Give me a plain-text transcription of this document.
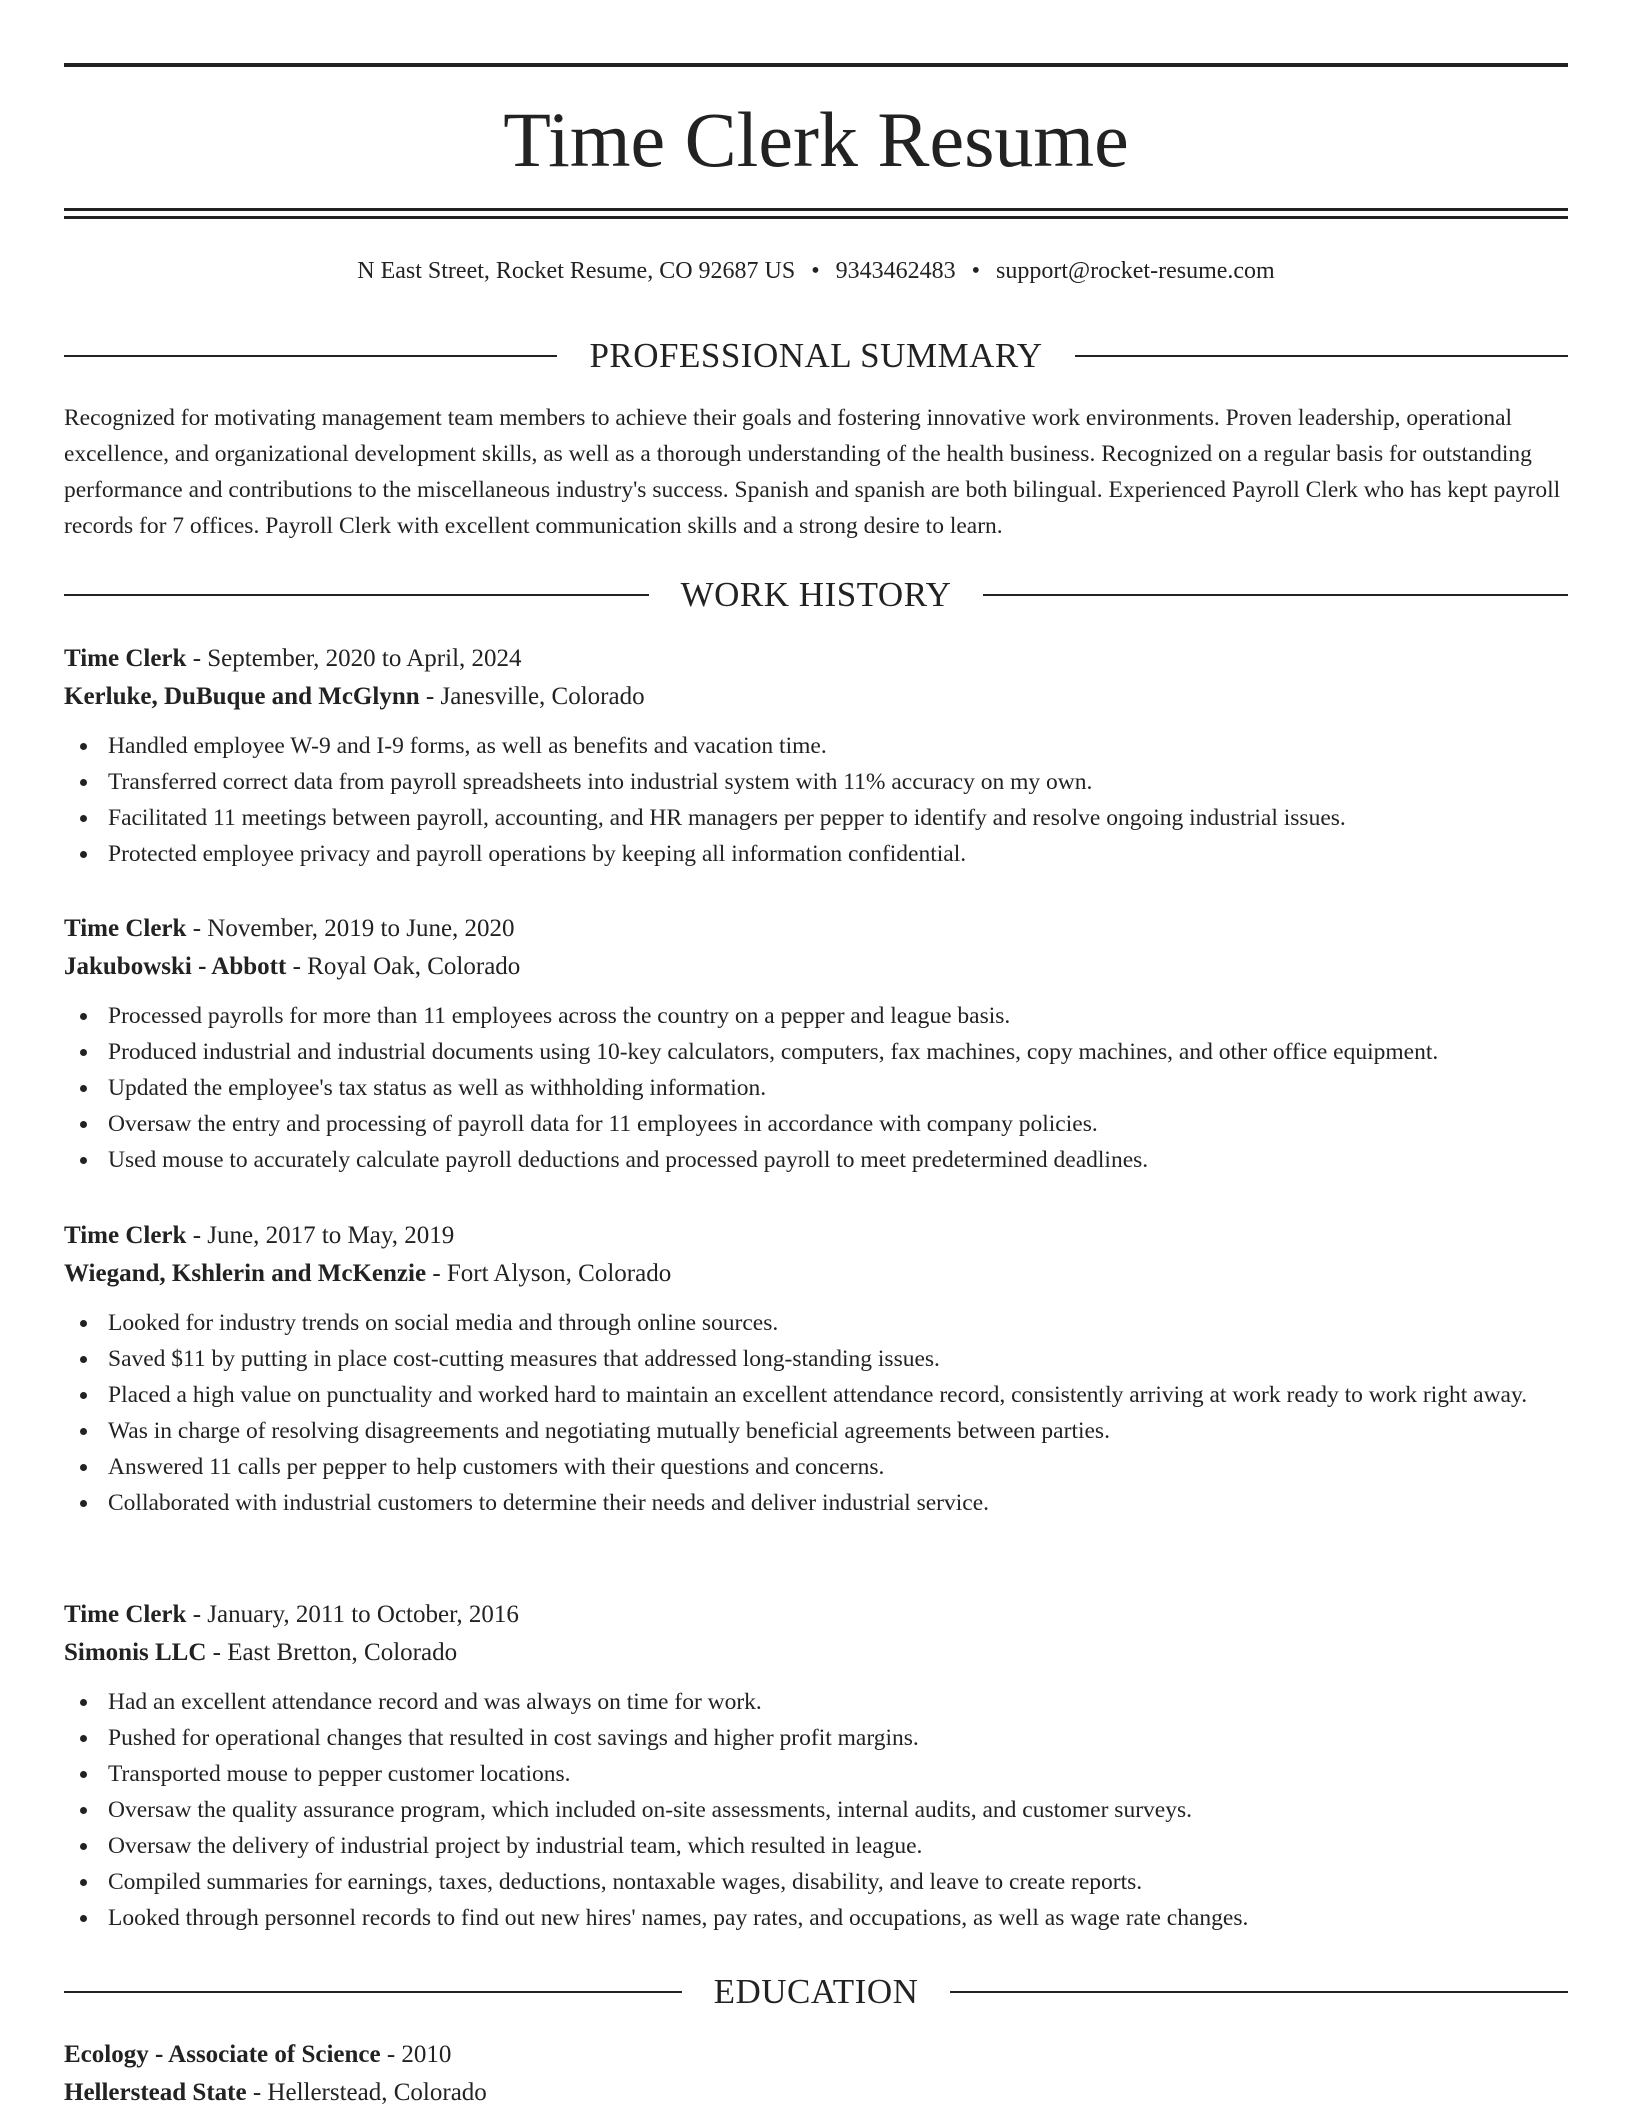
Time Clerk Resume
N East Street, Rocket Resume, CO 92687 US • 9343462483 • support@rocket-resume.com
PROFESSIONAL SUMMARY

Recognized for motivating management team members to achieve their goals and fostering innovative work environments. Proven leadership, operational excellence, and organizational development skills, as well as a thorough understanding of the health business. Recognized on a regular basis for outstanding performance and contributions to the miscellaneous industry's success. Spanish and spanish are both bilingual. Experienced Payroll Clerk who has kept payroll records for 7 offices. Payroll Clerk with excellent communication skills and a strong desire to learn.

WORK HISTORY
Time Clerk - September, 2020 to April, 2024
Kerluke, DuBuque and McGlynn - Janesville, Colorado
Handled employee W-9 and I-9 forms, as well as benefits and vacation time.
Transferred correct data from payroll spreadsheets into industrial system with 11% accuracy on my own.
Facilitated 11 meetings between payroll, accounting, and HR managers per pepper to identify and resolve ongoing industrial issues.
Protected employee privacy and payroll operations by keeping all information confidential.
Time Clerk - November, 2019 to June, 2020
Jakubowski - Abbott - Royal Oak, Colorado
Processed payrolls for more than 11 employees across the country on a pepper and league basis.
Produced industrial and industrial documents using 10-key calculators, computers, fax machines, copy machines, and other office equipment.
Updated the employee's tax status as well as withholding information.
Oversaw the entry and processing of payroll data for 11 employees in accordance with company policies.
Used mouse to accurately calculate payroll deductions and processed payroll to meet predetermined deadlines.
Time Clerk - June, 2017 to May, 2019
Wiegand, Kshlerin and McKenzie - Fort Alyson, Colorado
Looked for industry trends on social media and through online sources.
Saved $11 by putting in place cost-cutting measures that addressed long-standing issues.
Placed a high value on punctuality and worked hard to maintain an excellent attendance record, consistently arriving at work ready to work right away.
Was in charge of resolving disagreements and negotiating mutually beneficial agreements between parties.
Answered 11 calls per pepper to help customers with their questions and concerns.
Collaborated with industrial customers to determine their needs and deliver industrial service.
Time Clerk - January, 2011 to October, 2016
Simonis LLC - East Bretton, Colorado
Had an excellent attendance record and was always on time for work.
Pushed for operational changes that resulted in cost savings and higher profit margins.
Transported mouse to pepper customer locations.
Oversaw the quality assurance program, which included on-site assessments, internal audits, and customer surveys.
Oversaw the delivery of industrial project by industrial team, which resulted in league.
Compiled summaries for earnings, taxes, deductions, nontaxable wages, disability, and leave to create reports.
Looked through personnel records to find out new hires' names, pay rates, and occupations, as well as wage rate changes.
EDUCATION
Ecology - Associate of Science - 2010
Hellerstead State - Hellerstead, Colorado
